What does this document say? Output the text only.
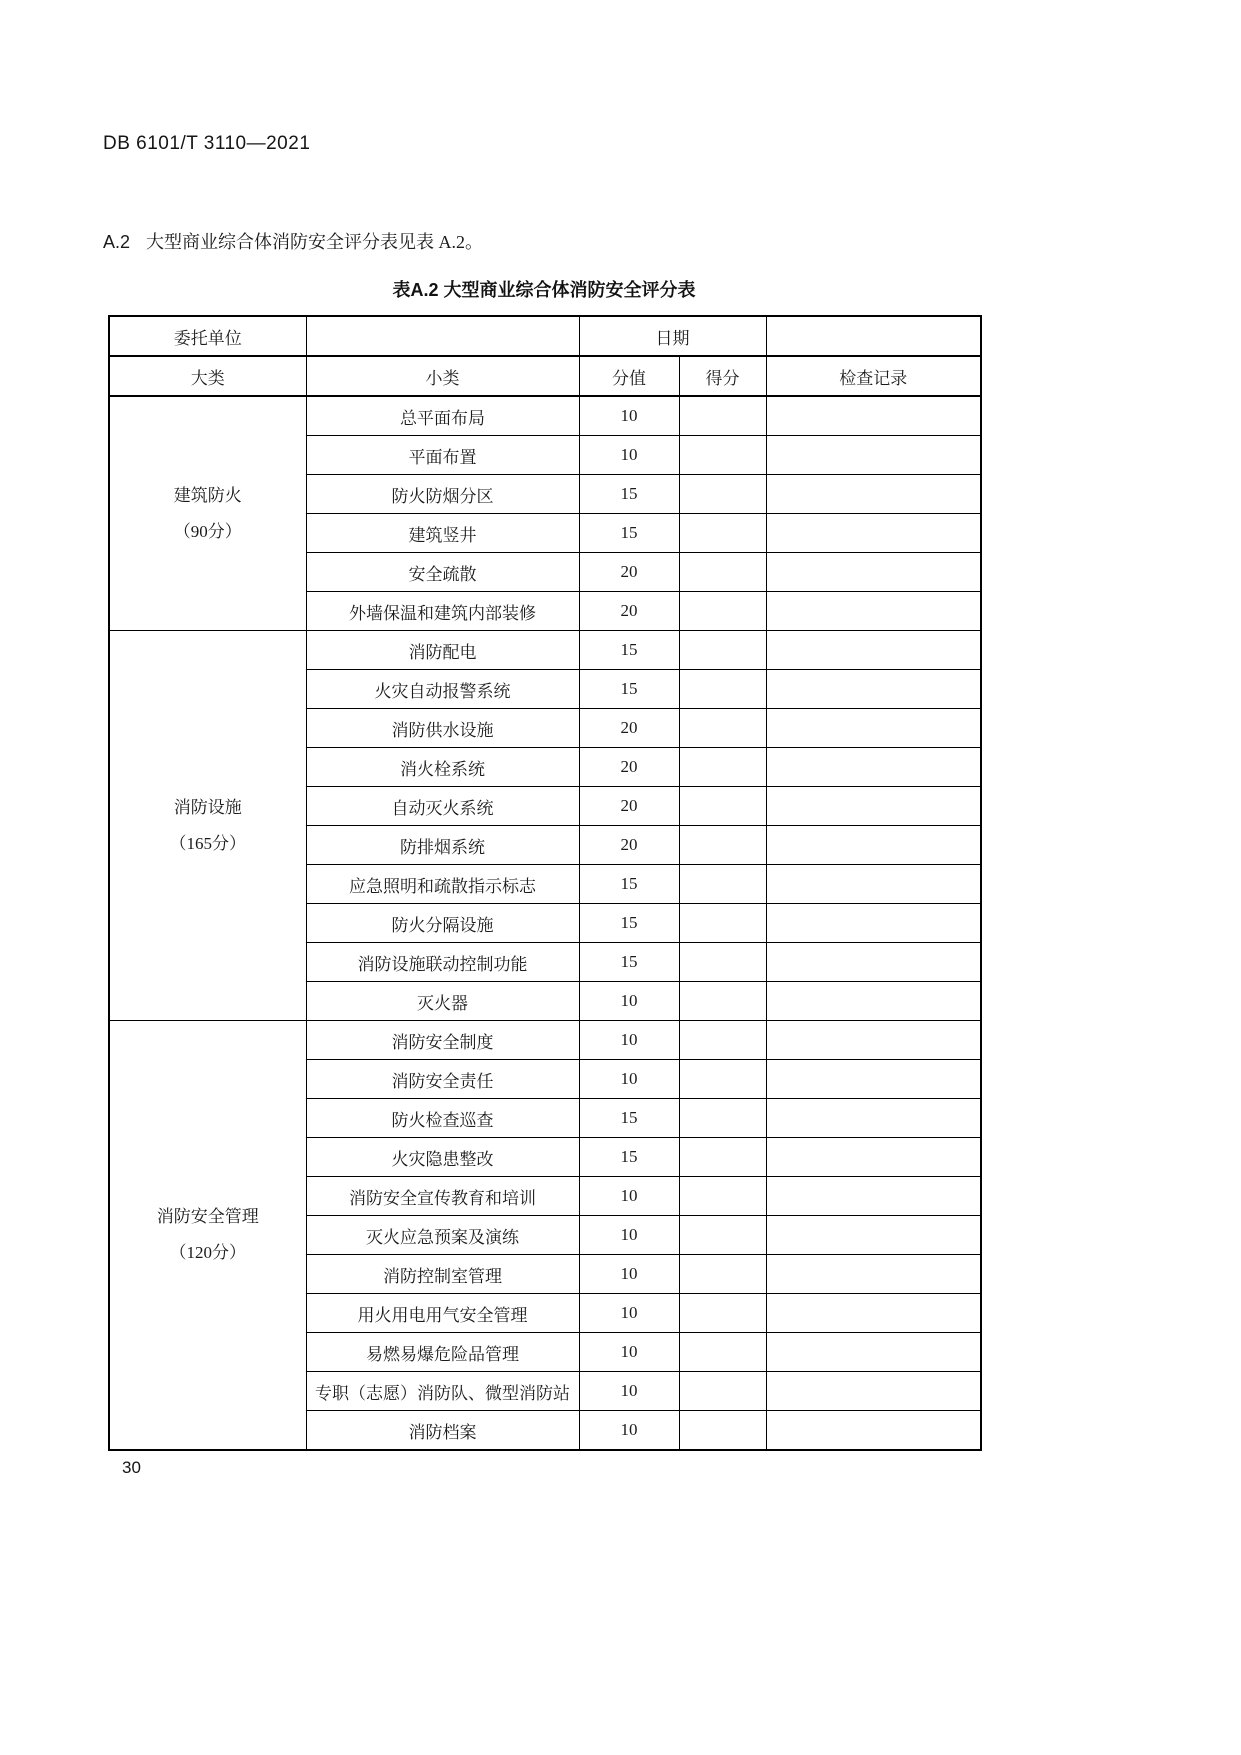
DB 6101/T 3110—2021
A.2 大型商业综合体消防安全评分表见表 A.2。
表A.2 大型商业综合体消防安全评分表
委托单位		日期		
大类	小类	分值	得分	检查记录

建筑防火
（90分）	总平面布局	10		
	平面布置	10		
	防火防烟分区	15		
	建筑竖井	15		
	安全疏散	20		
	外墙保温和建筑内部装修	20		

消防设施
（165分）	消防配电	15		
	火灾自动报警系统	15		
	消防供水设施	20		
	消火栓系统	20		
	自动灭火系统	20		
	防排烟系统	20		
	应急照明和疏散指示标志	15		
	防火分隔设施	15		
	消防设施联动控制功能	15		
	灭火器	10		

消防安全管理
（120分）	消防安全制度	10		
	消防安全责任	10		
	防火检查巡查	15		
	火灾隐患整改	15		
	消防安全宣传教育和培训	10		
	灭火应急预案及演练	10		
	消防控制室管理	10		
	用火用电用气安全管理	10		
	易燃易爆危险品管理	10		
	专职（志愿）消防队、微型消防站	10		
	消防档案	10		
30
